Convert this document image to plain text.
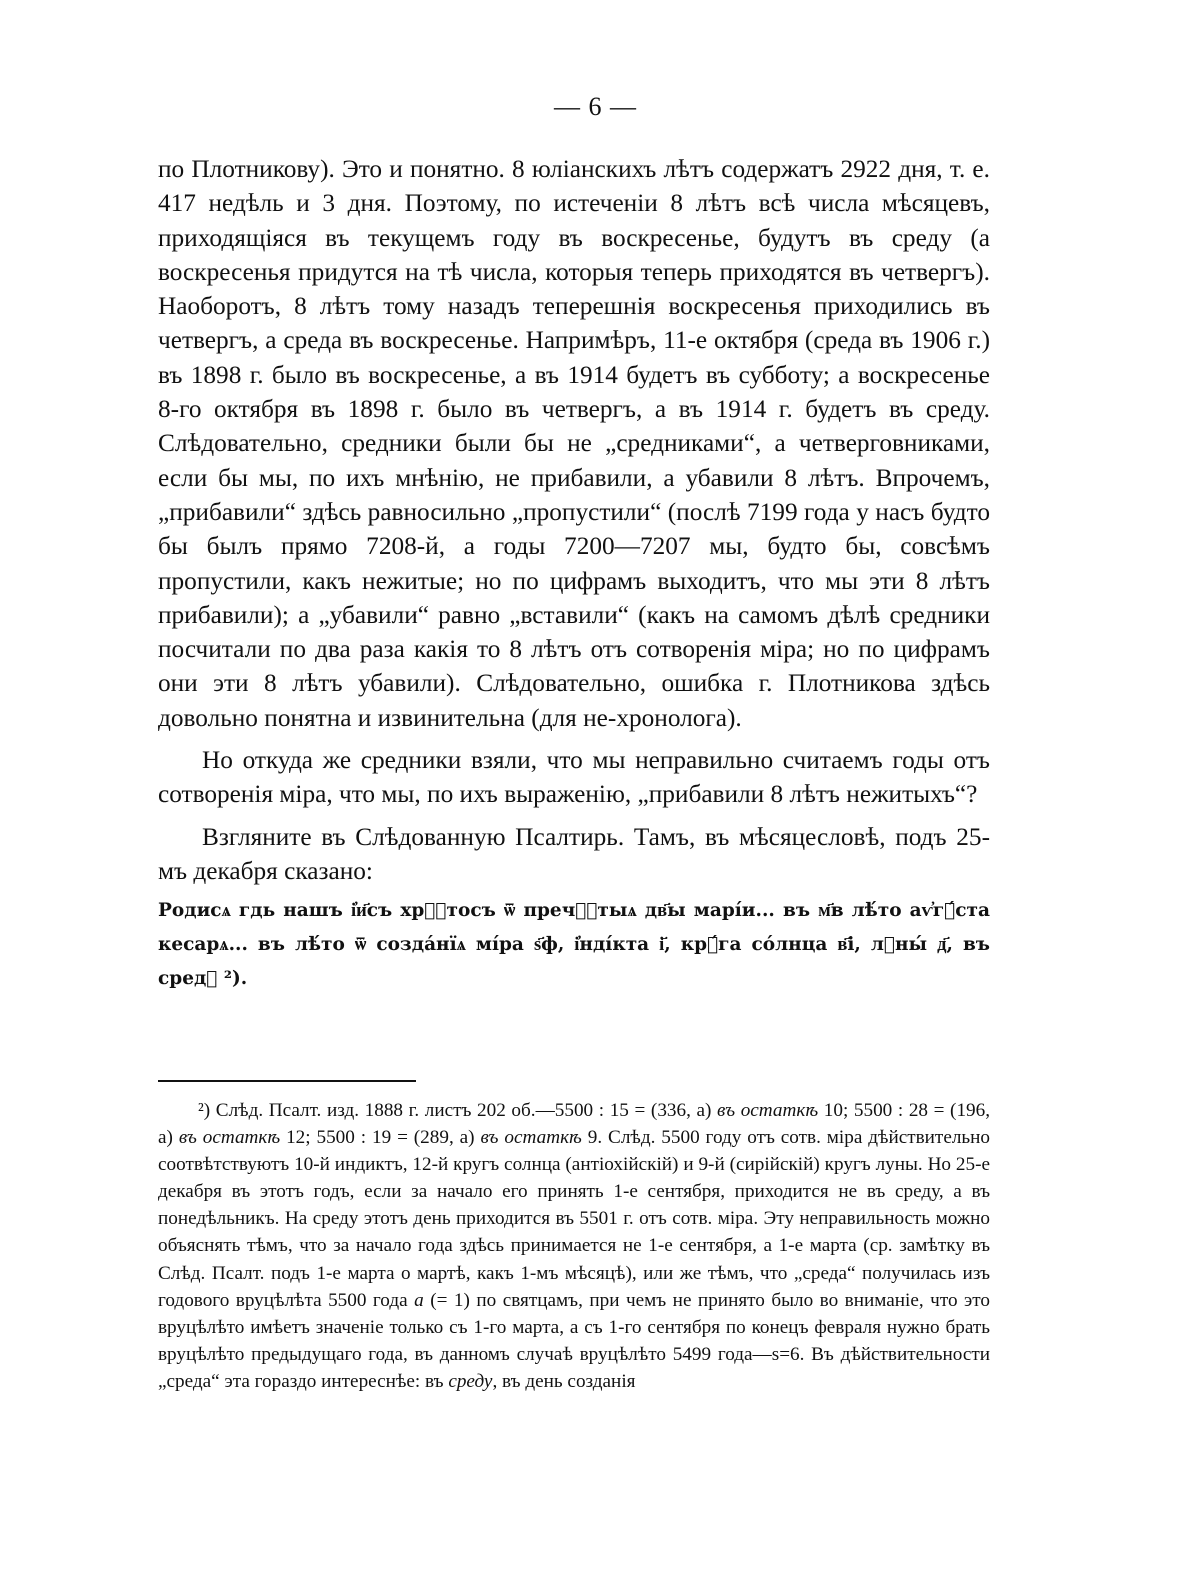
— 6 —

по Плотникову). Это и понятно. 8 юліанскихъ лѣтъ содержатъ 2922 дня, т. е. 417 недѣль и 3 дня. Поэтому, по истеченіи 8 лѣтъ всѣ числа мѣсяцевъ, приходящіяся въ текущемъ году въ воскресенье, будутъ въ среду (а воскресенья придутся на тѣ числа, которыя теперь приходятся въ четвергъ). Наоборотъ, 8 лѣтъ тому назадъ теперешнія воскресенья приходились въ четвергъ, а среда въ воскресенье. Напримѣръ, 11-е октября (среда въ 1906 г.) въ 1898 г. было въ воскресенье, а въ 1914 будетъ въ субботу; а воскресенье 8-го октября въ 1898 г. было въ четвергъ, а въ 1914 г. будетъ въ среду. Слѣдовательно, средники были бы не „средниками“, а четверговниками, если бы мы, по ихъ мнѣнію, не прибавили, а убавили 8 лѣтъ. Впрочемъ, „прибавили“ здѣсь равносильно „пропустили“ (послѣ 7199 года у насъ будто бы былъ прямо 7208-й, а годы 7200—7207 мы, будто бы, совсѣмъ пропустили, какъ нежитые; но по цифрамъ выходитъ, что мы эти 8 лѣтъ прибавили); а „убавили“ равно „вставили“ (какъ на самомъ дѣлѣ средники посчитали по два раза какія то 8 лѣтъ отъ сотворенія міра; но по цифрамъ они эти 8 лѣтъ убавили). Слѣдовательно, ошибка г. Плотникова здѣсь довольно понятна и извинительна (для не-хронолога).

Но откуда же средники взяли, что мы неправильно считаемъ годы отъ сотворенія міра, что мы, по ихъ выраженію, „прибавили 8 лѣтъ нежитыхъ“?

Взгляните въ Слѣдованную Псалтирь. Тамъ, въ мѣсяцесловѣ, подъ 25-мъ декабря сказано:

Родисѧ гдь нашъ і҆и҃съ хрⷭ҇тосъ ѿ пречⷭ҇тыѧ дв҃ы марі́и... въ м҃в лѣ́то аѵ҆гꙋ́ста кесарѧ... въ лѣ́то ѿ созда́нїѧ мі́ра ѕ҃ф, і҆нді́кта і҃, крꙋ́га со́лнца в҃і, лꙋны́ д҃, въ средꙋ ²).

²) Слѣд. Псалт. изд. 1888 г. листъ 202 об.—5500 : 15 = (336, а) въ остаткѣ 10; 5500 : 28 = (196, а) въ остаткѣ 12; 5500 : 19 = (289, а) въ остаткѣ 9. Слѣд. 5500 году отъ сотв. міра дѣйствительно соотвѣтствуютъ 10-й индиктъ, 12-й кругъ солнца (антіохійскій) и 9-й (сирійскій) кругъ луны. Но 25-е декабря въ этотъ годъ, если за начало его принять 1-е сентября, приходится не въ среду, а въ понедѣльникъ. На среду этотъ день приходится въ 5501 г. отъ сотв. міра. Эту неправильность можно объяснять тѣмъ, что за начало года здѣсь принимается не 1-е сентября, а 1-е марта (ср. замѣтку въ Слѣд. Псалт. подъ 1-е марта о мартѣ, какъ 1-мъ мѣсяцѣ), или же тѣмъ, что „среда“ получилась изъ годового вруцѣлѣта 5500 года а (= 1) по святцамъ, при чемъ не принято было во вниманіе, что это вруцѣлѣто имѣетъ значеніе только съ 1-го марта, а съ 1-го сентября по конецъ февраля нужно брать вруцѣлѣто предыдущаго года, въ данномъ случаѣ вруцѣлѣто 5499 года—s=6. Въ дѣйствительности „среда“ эта гораздо интереснѣе: въ среду, въ день созданія
